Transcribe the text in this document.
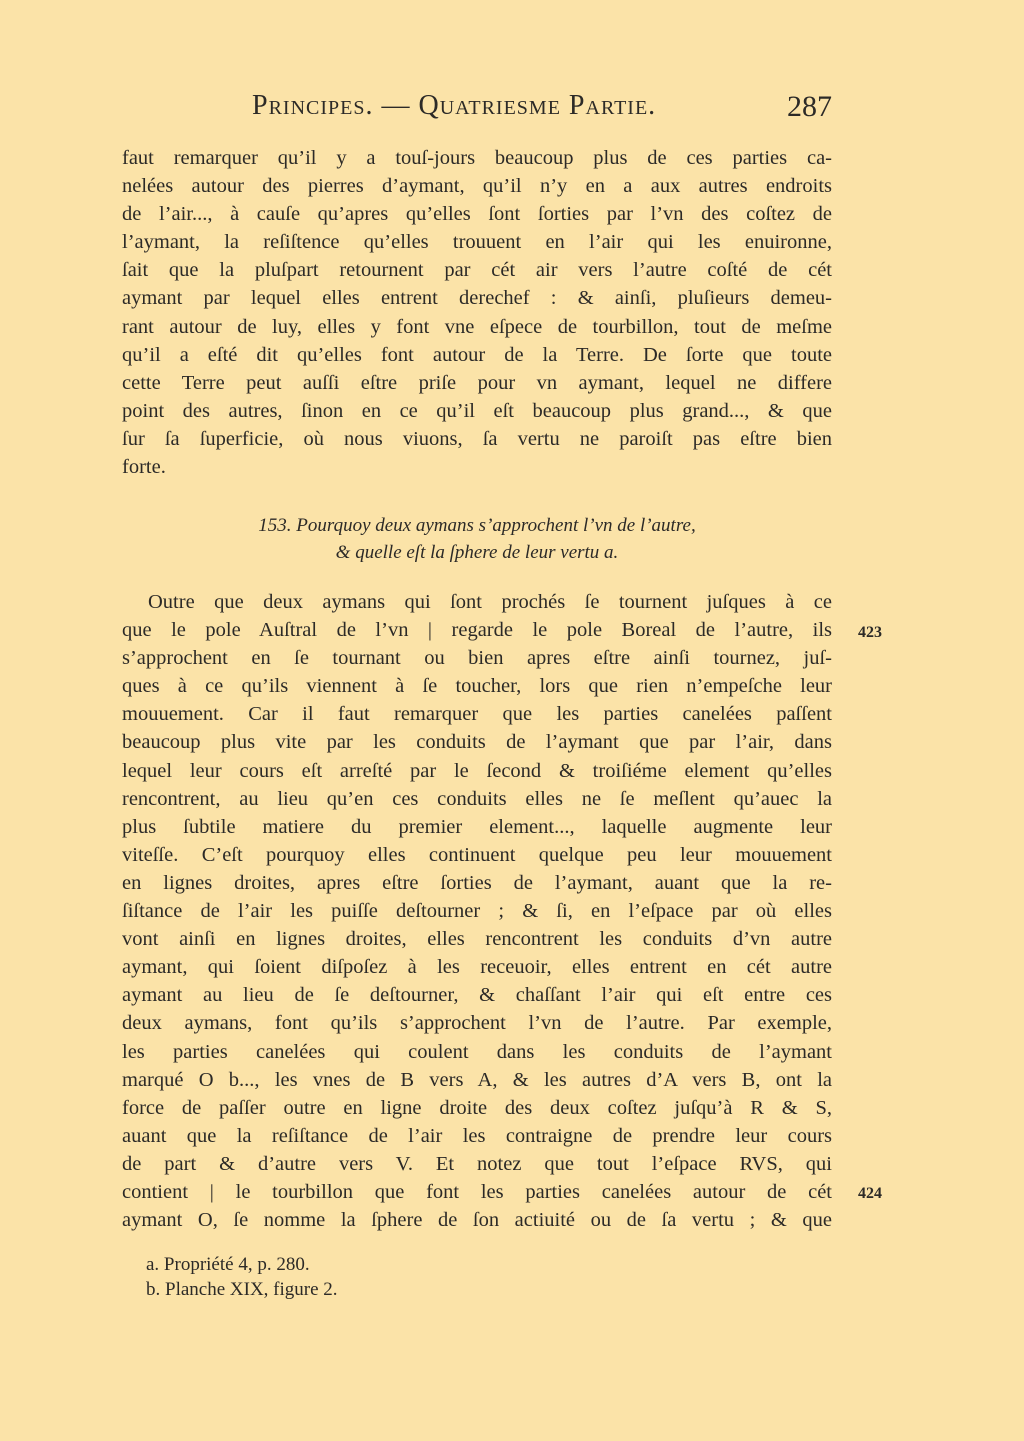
Principes. — Quatriesme Partie.	287
faut remarquer qu’il y a touſ-jours beaucoup plus de ces parties ca-
nelées autour des pierres d’aymant, qu’il n’y en a aux autres endroits
de l’air..., à cauſe qu’apres qu’elles ſont ſorties par l’vn des coſtez de
l’aymant, la reſiſtence qu’elles trouuent en l’air qui les enuironne,
ſait que la pluſpart retournent par cét air vers l’autre coſté de cét
aymant par lequel elles entrent derechef : & ainſi, pluſieurs demeu-
rant autour de luy, elles y font vne eſpece de tourbillon, tout de meſme
qu’il a eſté dit qu’elles font autour de la Terre. De ſorte que toute
cette Terre peut auſſi eſtre priſe pour vn aymant, lequel ne differe
point des autres, ſinon en ce qu’il eſt beaucoup plus grand..., & que
ſur ſa ſuperficie, où nous viuons, ſa vertu ne paroiſt pas eſtre bien
forte.
153. Pourquoy deux aymans s’approchent l’vn de l’autre,
& quelle eſt la ſphere de leur vertu a.
Outre que deux aymans qui ſont prochés ſe tournent juſques à ce
que le pole Auſtral de l’vn | regarde le pole Boreal de l’autre, ils
s’approchent en ſe tournant ou bien apres eſtre ainſi tournez, juſ-
ques à ce qu’ils viennent à ſe toucher, lors que rien n’empeſche leur
mouuement. Car il faut remarquer que les parties canelées paſſent
beaucoup plus vite par les conduits de l’aymant que par l’air, dans
lequel leur cours eſt arreſté par le ſecond & troiſiéme element qu’elles
rencontrent, au lieu qu’en ces conduits elles ne ſe meſlent qu’auec la
plus ſubtile matiere du premier element..., laquelle augmente leur
viteſſe. C’eſt pourquoy elles continuent quelque peu leur mouuement
en lignes droites, apres eſtre ſorties de l’aymant, auant que la re-
ſiſtance de l’air les puiſſe deſtourner ; & ſi, en l’eſpace par où elles
vont ainſi en lignes droites, elles rencontrent les conduits d’vn autre
aymant, qui ſoient diſpoſez à les receuoir, elles entrent en cét autre
aymant au lieu de ſe deſtourner, & chaſſant l’air qui eſt entre ces
deux aymans, font qu’ils s’approchent l’vn de l’autre. Par exemple,
les parties canelées qui coulent dans les conduits de l’aymant
marqué O b..., les vnes de B vers A, & les autres d’A vers B, ont la
force de paſſer outre en ligne droite des deux coſtez juſqu’à R & S,
auant que la reſiſtance de l’air les contraigne de prendre leur cours
de part & d’autre vers V. Et notez que tout l’eſpace RVS, qui
contient | le tourbillon que font les parties canelées autour de cét
aymant O, ſe nomme la ſphere de ſon actiuité ou de ſa vertu ; & que
423
424
a. Propriété 4, p. 280.
b. Planche XIX, figure 2.
